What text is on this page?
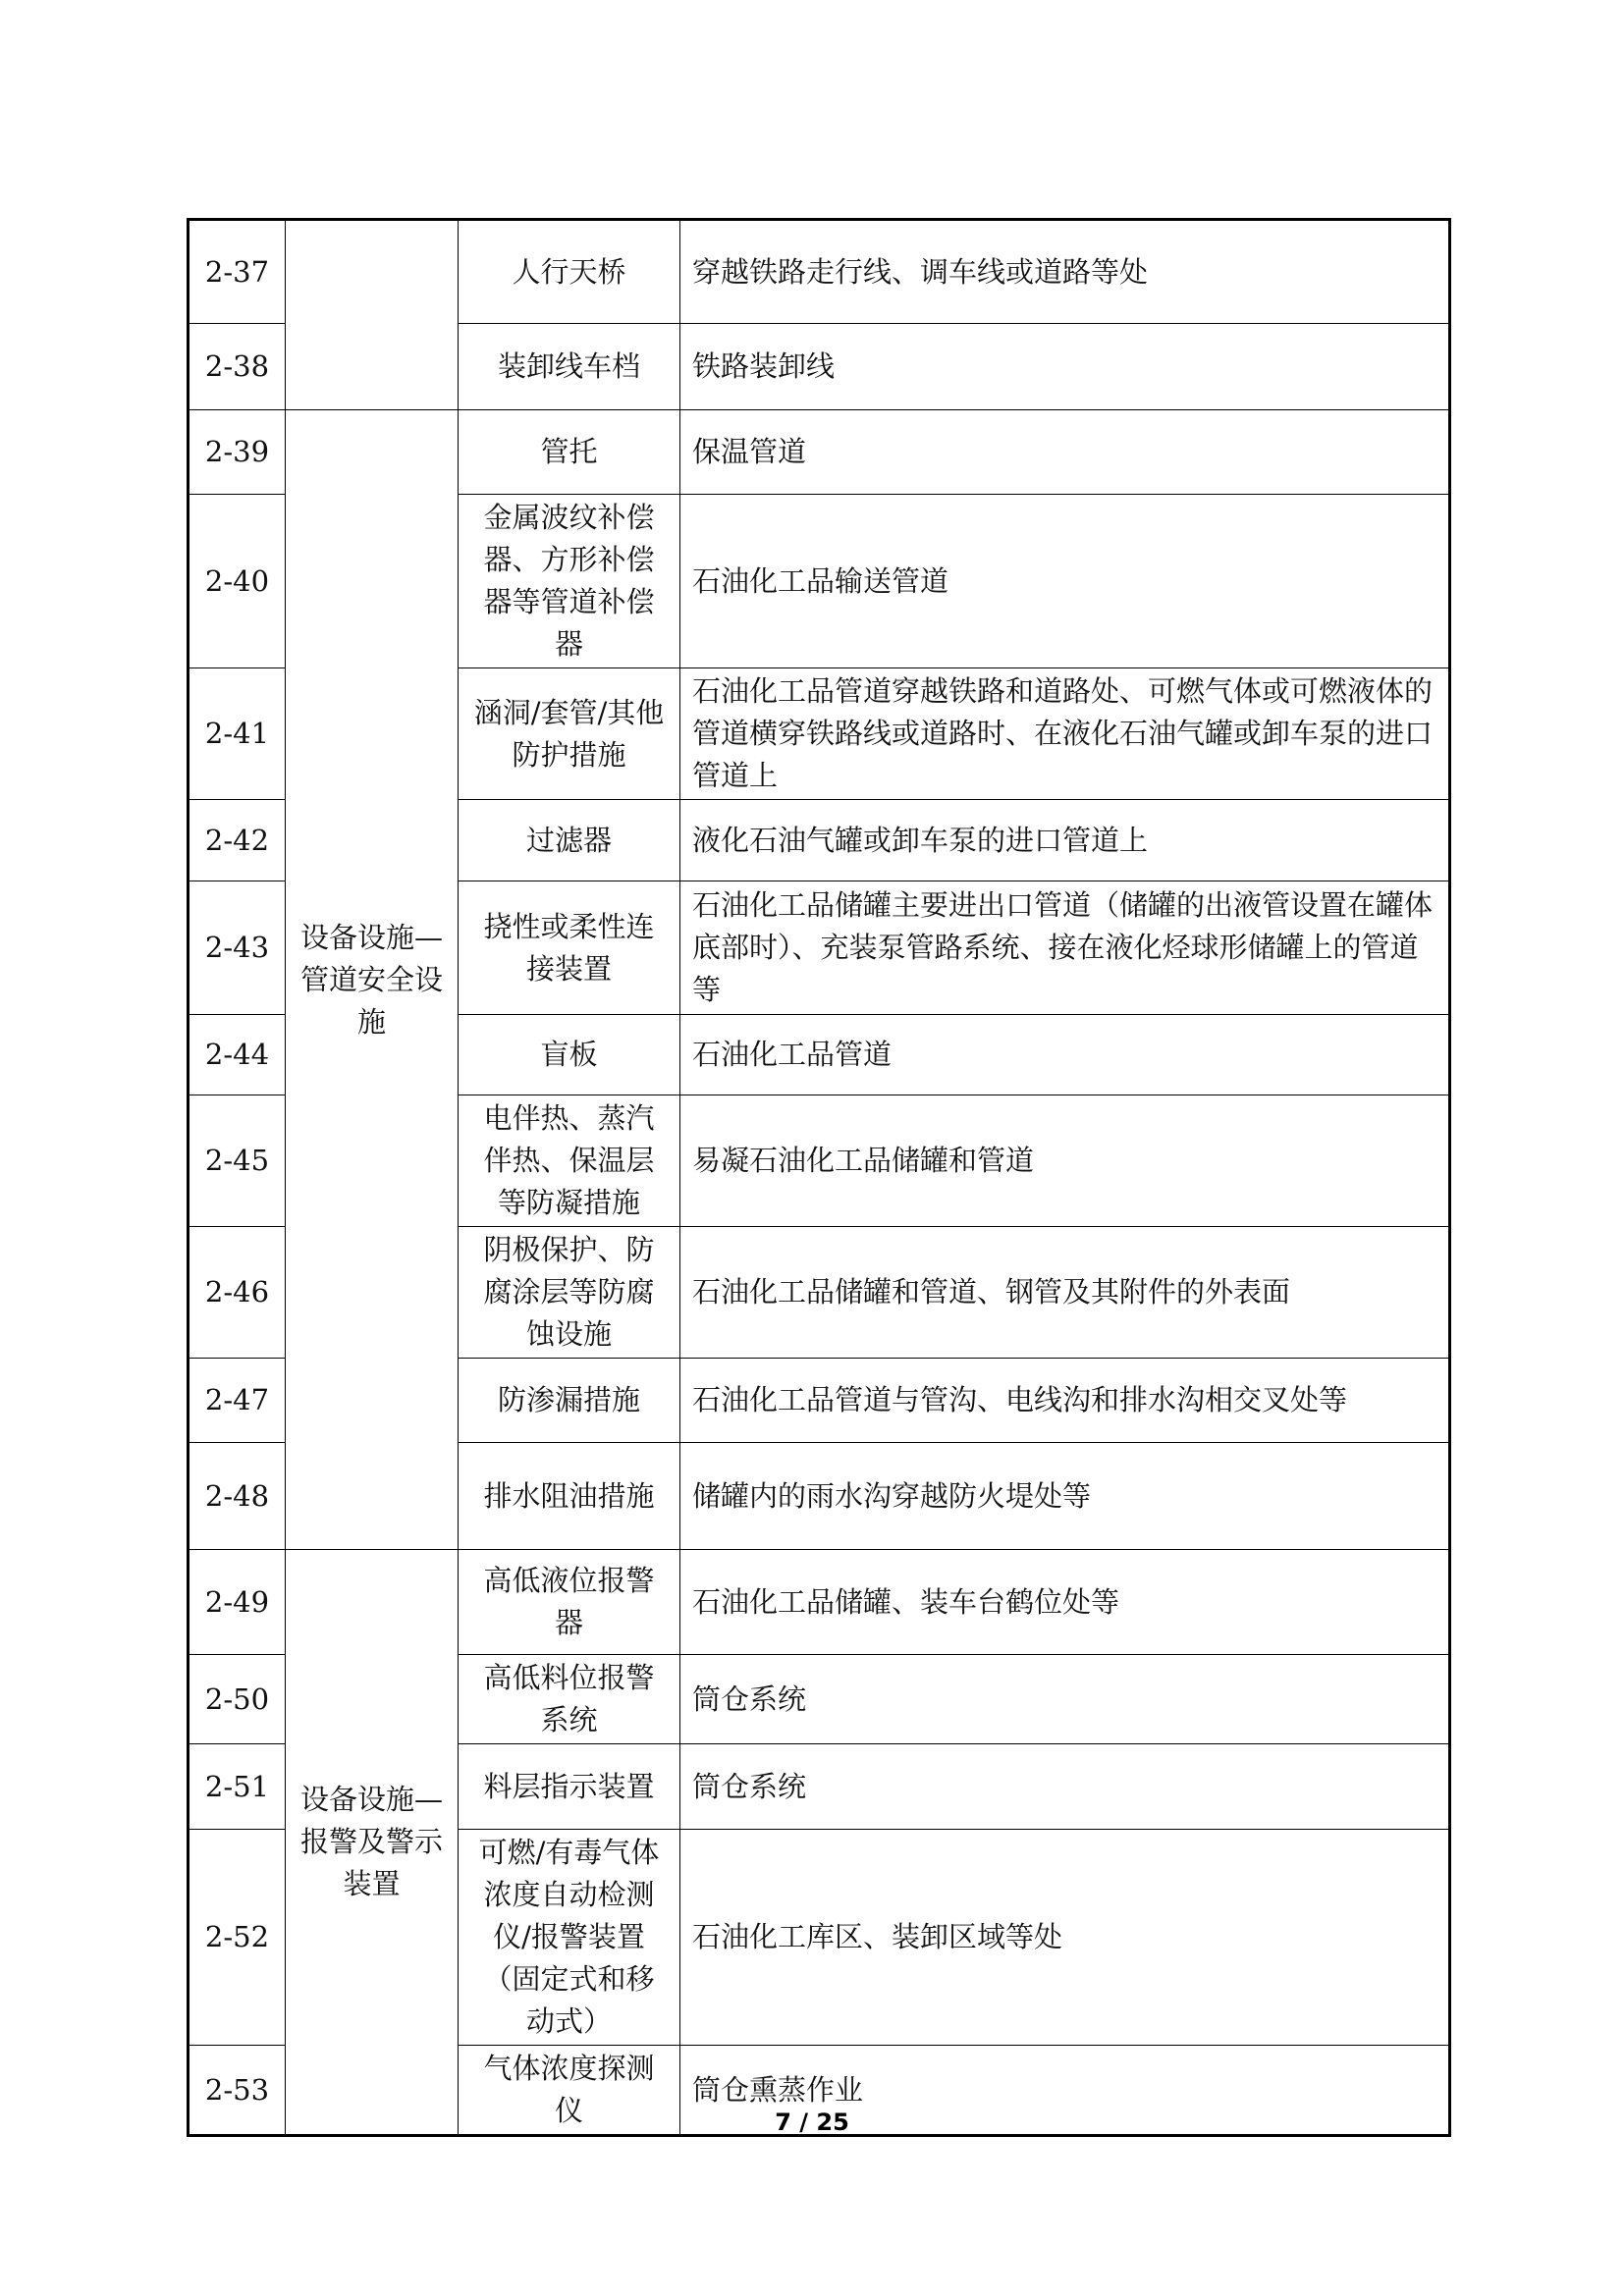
2-37		人行天桥	穿越铁路走行线、调车线或道路等处
2-38		装卸线车档	铁路装卸线
2-39	设备设施—管道安全设施	管托	保温管道
2-40		金属波纹补偿器、方形补偿器等管道补偿器	石油化工品输送管道
2-41		涵洞/套管/其他防护措施	石油化工品管道穿越铁路和道路处、可燃气体或可燃液体的管道横穿铁路线或道路时、在液化石油气罐或卸车泵的进口管道上
2-42		过滤器	液化石油气罐或卸车泵的进口管道上
2-43		挠性或柔性连接装置	石油化工品储罐主要进出口管道（储罐的出液管设置在罐体底部时）、充装泵管路系统、接在液化烃球形储罐上的管道等
2-44		盲板	石油化工品管道
2-45		电伴热、蒸汽伴热、保温层等防凝措施	易凝石油化工品储罐和管道
2-46		阴极保护、防腐涂层等防腐蚀设施	石油化工品储罐和管道、钢管及其附件的外表面
2-47		防渗漏措施	石油化工品管道与管沟、电线沟和排水沟相交叉处等
2-48		排水阻油措施	储罐内的雨水沟穿越防火堤处等
2-49	设备设施—报警及警示装置	高低液位报警器	石油化工品储罐、装车台鹤位处等
2-50		高低料位报警系统	筒仓系统
2-51		料层指示装置	筒仓系统
2-52		可燃/有毒气体浓度自动检测仪/报警装置（固定式和移动式）	石油化工库区、装卸区域等处
2-53		气体浓度探测仪	筒仓熏蒸作业
7 / 25
